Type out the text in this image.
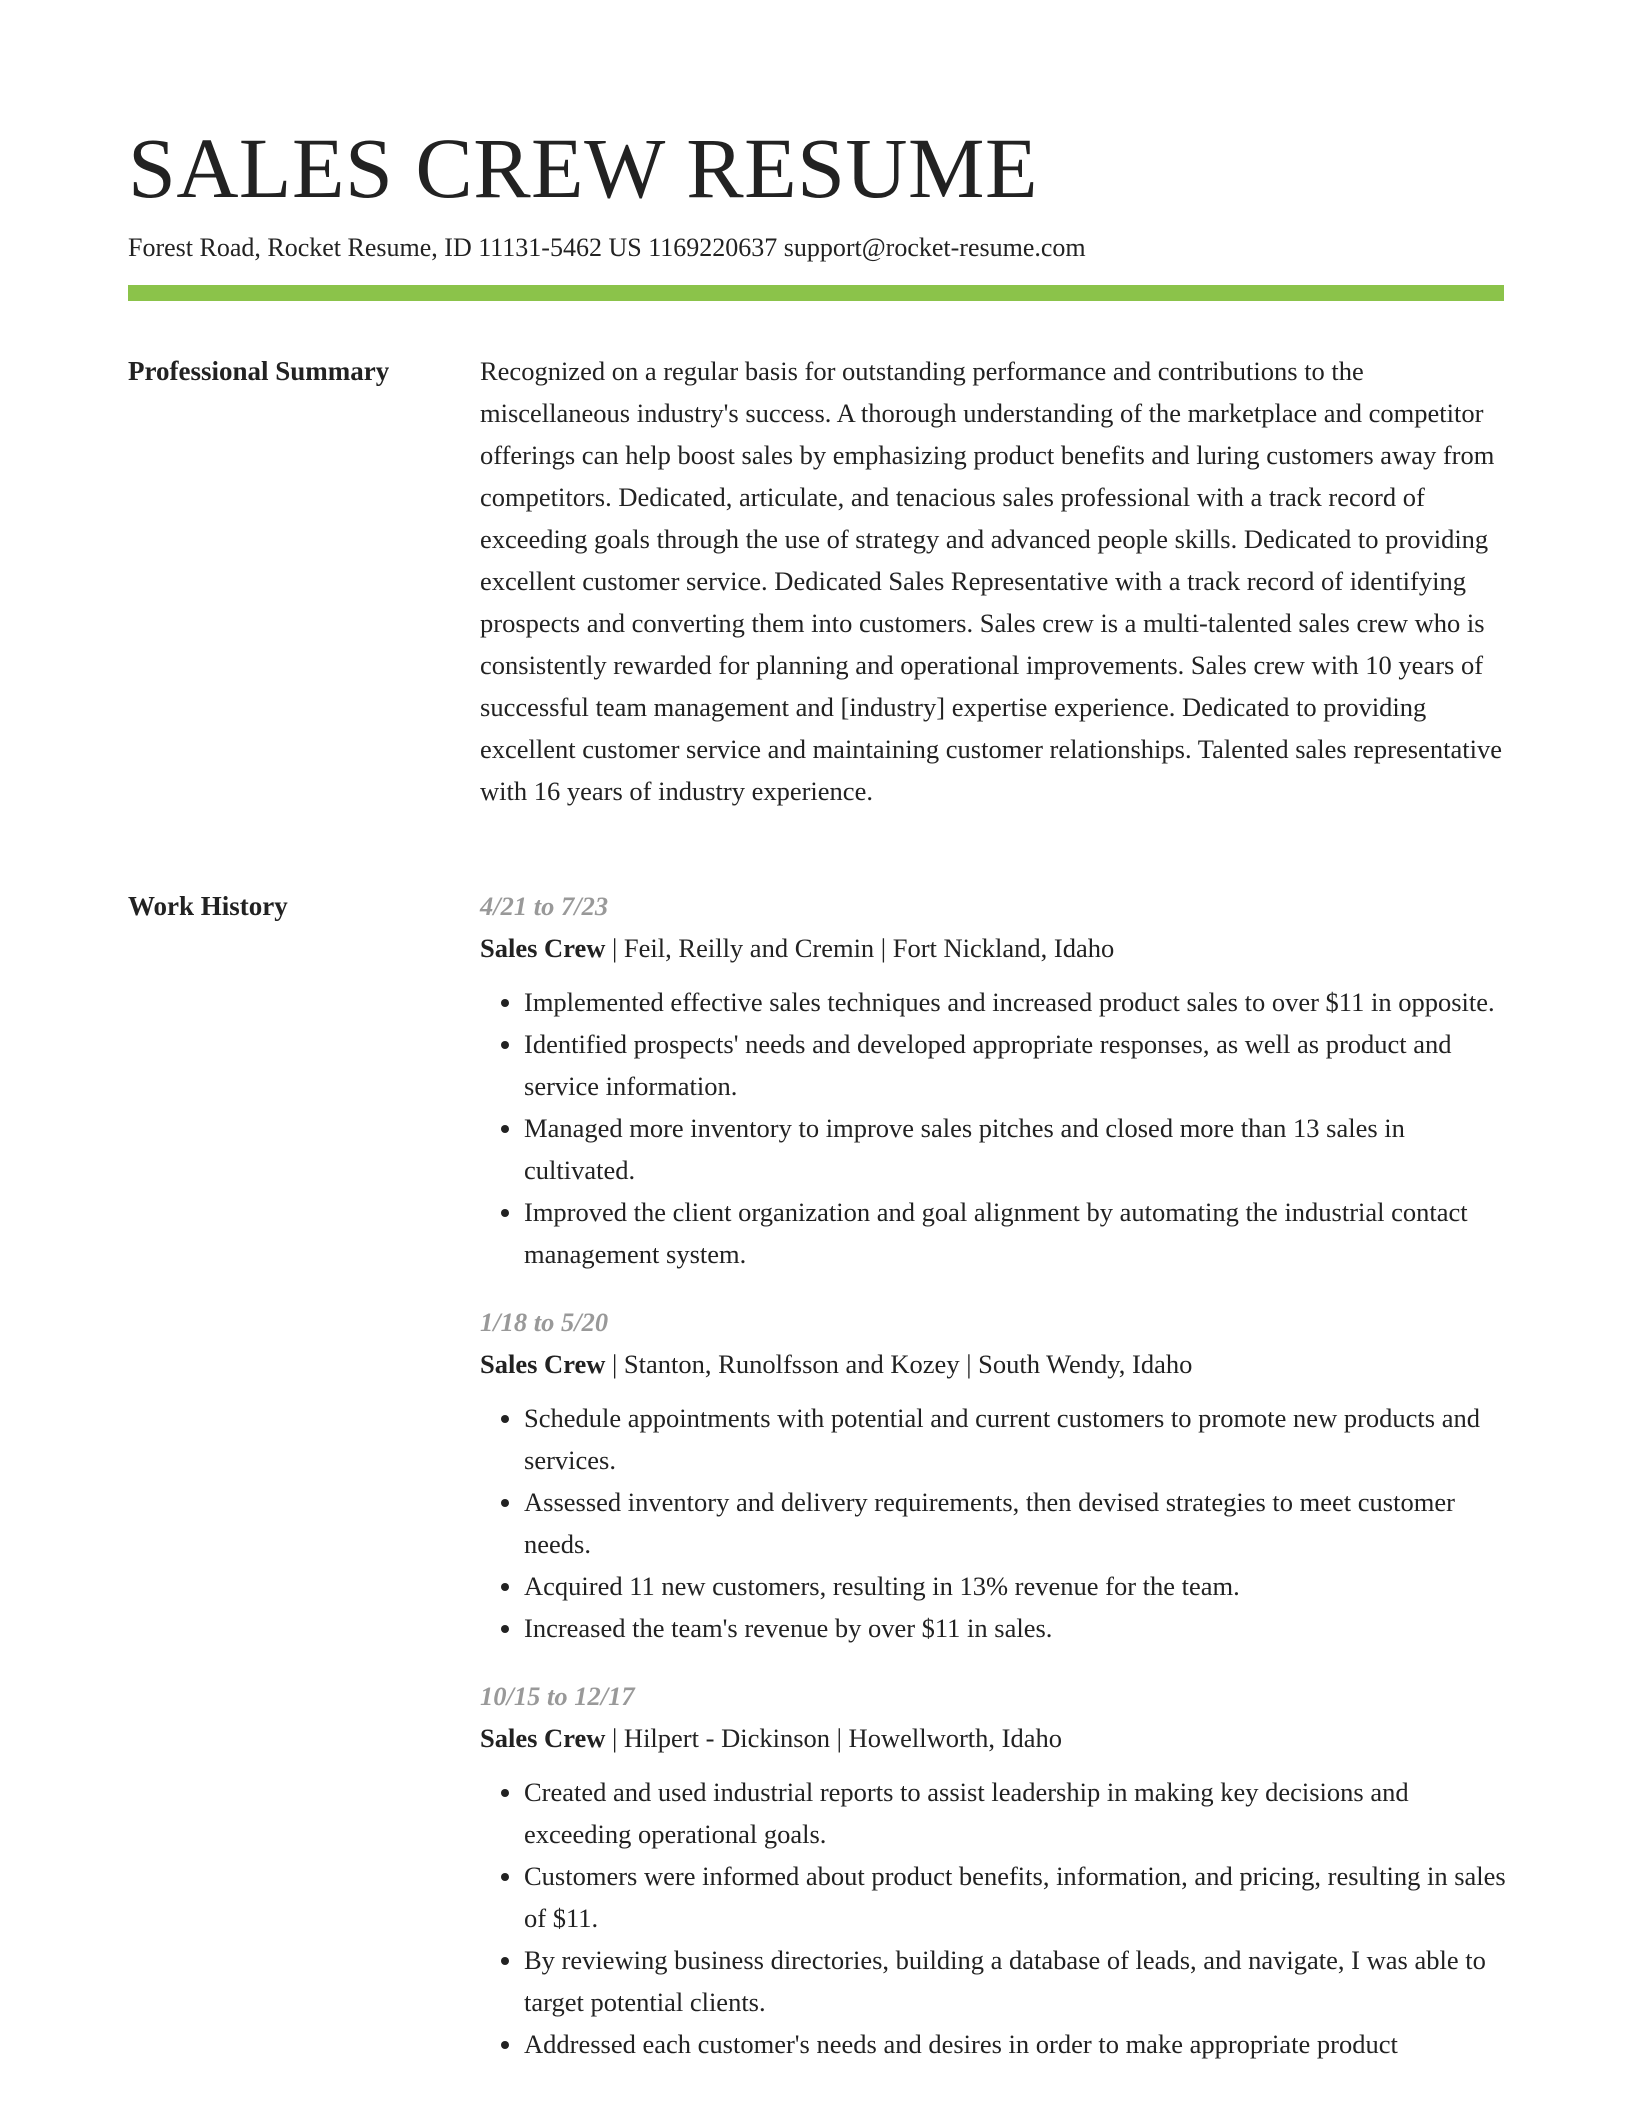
SALES CREW RESUME
Forest Road, Rocket Resume, ID 11131-5462 US 1169220637 support@rocket-resume.com
Professional Summary	Recognized on a regular basis for outstanding performance and contributions to the miscellaneous industry's success. A thorough understanding of the marketplace and competitor offerings can help boost sales by emphasizing product benefits and luring customers away from competitors. Dedicated, articulate, and tenacious sales professional with a track record of exceeding goals through the use of strategy and advanced people skills. Dedicated to providing excellent customer service. Dedicated Sales Representative with a track record of identifying prospects and converting them into customers. Sales crew is a multi-talented sales crew who is consistently rewarded for planning and operational improvements. Sales crew with 10 years of successful team management and [industry] expertise experience. Dedicated to providing excellent customer service and maintaining customer relationships. Talented sales representative with 16 years of industry experience.

Work History	4/21 to 7/23
Sales Crew | Feil, Reilly and Cremin | Fort Nickland, Idaho
• Implemented effective sales techniques and increased product sales to over $11 in opposite.
• Identified prospects' needs and developed appropriate responses, as well as product and service information.
• Managed more inventory to improve sales pitches and closed more than 13 sales in cultivated.
• Improved the client organization and goal alignment by automating the industrial contact management system.
1/18 to 5/20
Sales Crew | Stanton, Runolfsson and Kozey | South Wendy, Idaho
• Schedule appointments with potential and current customers to promote new products and services.
• Assessed inventory and delivery requirements, then devised strategies to meet customer needs.
• Acquired 11 new customers, resulting in 13% revenue for the team.
• Increased the team's revenue by over $11 in sales.
10/15 to 12/17
Sales Crew | Hilpert - Dickinson | Howellworth, Idaho
• Created and used industrial reports to assist leadership in making key decisions and exceeding operational goals.
• Customers were informed about product benefits, information, and pricing, resulting in sales of $11.
• By reviewing business directories, building a database of leads, and navigate, I was able to target potential clients.
• Addressed each customer's needs and desires in order to make appropriate product
